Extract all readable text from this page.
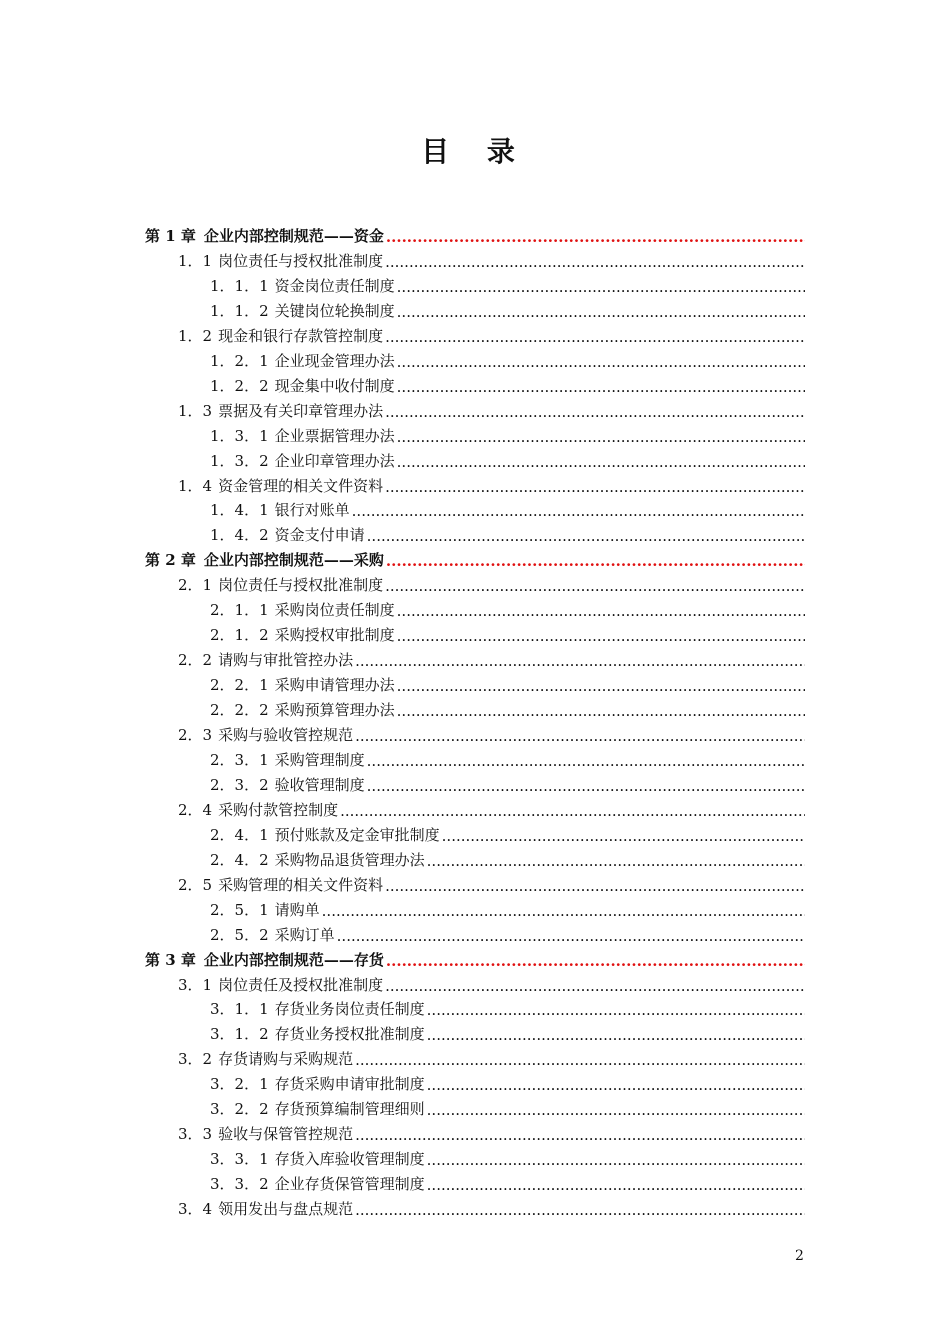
目 录
第 1 章 企业内部控制规范——资金
.....
1．1 岗位责任与授权批准制度
.....
1．1．1 资金岗位责任制度
.....
1．1．2 关键岗位轮换制度
.....
1．2 现金和银行存款管控制度
.....
1．2．1 企业现金管理办法
.....
1．2．2 现金集中收付制度
.....
1．3 票据及有关印章管理办法
.....
1．3．1 企业票据管理办法
.....
1．3．2 企业印章管理办法
.....
1．4 资金管理的相关文件资料
.....
1．4．1 银行对账单
.....
1．4．2 资金支付申请
.....
第 2 章 企业内部控制规范——采购
.....
2．1 岗位责任与授权批准制度
.....
2．1．1 采购岗位责任制度
.....
2．1．2 采购授权审批制度
.....
2．2 请购与审批管控办法
.....
2．2．1 采购申请管理办法
.....
2．2．2 采购预算管理办法
.....
2．3 采购与验收管控规范
.....
2．3．1 采购管理制度
.....
2．3．2 验收管理制度
.....
2．4 采购付款管控制度
.....
2．4．1 预付账款及定金审批制度
.....
2．4．2 采购物品退货管理办法
.....
2．5 采购管理的相关文件资料
.....
2．5．1 请购单
.....
2．5．2 采购订单
.....
第 3 章 企业内部控制规范——存货
.....
3．1 岗位责任及授权批准制度
.....
3．1．1 存货业务岗位责任制度
.....
3．1．2 存货业务授权批准制度
.....
3．2 存货请购与采购规范
.....
3．2．1 存货采购申请审批制度
.....
3．2．2 存货预算编制管理细则
.....
3．3 验收与保管管控规范
.....
3．3．1 存货入库验收管理制度
.....
3．3．2 企业存货保管管理制度
.....
3．4 领用发出与盘点规范
.....
2
